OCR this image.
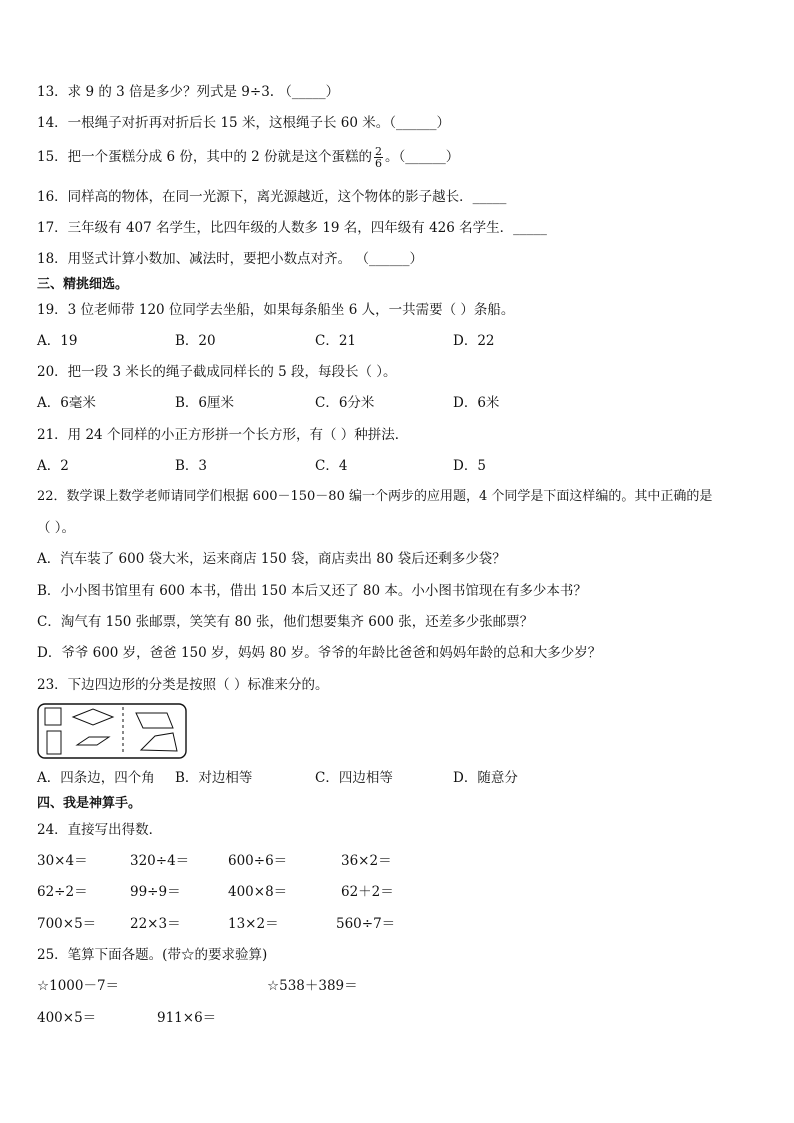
13．求 9 的 3 倍是多少？列式是 9÷3. （_____）
14．一根绳子对折再对折后长 15 米，这根绳子长 60 米。（______）
15．把一个蛋糕分成 6 份，其中的 2 份就是这个蛋糕的 $\frac{2}{6}$ 。（______）
16．同样高的物体，在同一光源下，离光源越近，这个物体的影子越长．_____
17．三年级有 407 名学生，比四年级的人数多 19 名，四年级有 426 名学生．_____
18．用竖式计算小数加、减法时，要把小数点对齐。 （______）
三、精挑细选。
19．3 位老师带 120 位同学去坐船，如果每条船坐 6 人，一共需要（ ）条船。
A．19	B．20	C．21	D．22
20．把一段 3 米长的绳子截成同样长的 5 段，每段长（ ）。
A．6毫米	B．6厘米	C．6分米	D．6米
21．用 24 个同样的小正方形拼一个长方形，有（ ）种拼法．
A．2	B．3	C．4	D．5
22．数学课上数学老师请同学们根据 600－150－80 编一个两步的应用题，4 个同学是下面这样编的。其中正确的是
（ ）。
A．汽车装了 600 袋大米，运来商店 150 袋，商店卖出 80 袋后还剩多少袋？
B．小小图书馆里有 600 本书，借出 150 本后又还了 80 本。小小图书馆现在有多少本书？
C．淘气有 150 张邮票，笑笑有 80 张，他们想要集齐 600 张，还差多少张邮票？
D．爷爷 600 岁，爸爸 150 岁，妈妈 80 岁。爷爷的年龄比爸爸和妈妈年龄的总和大多少岁？
23．下边四边形的分类是按照（ ）标准来分的。
A．四条边，四个角 B．对边相等	C．四边相等	D．随意分
四、我是神算手。
24．直接写出得数．
30×4＝	320÷4＝	600÷6＝	36×2＝
62÷2＝	99÷9＝	400×8＝	62＋2＝
700×5＝	22×3＝	13×2＝	560÷7＝
25．笔算下面各题。(带☆的要求验算)
☆1000－7＝	☆538＋389＝
400×5＝	911×6＝
